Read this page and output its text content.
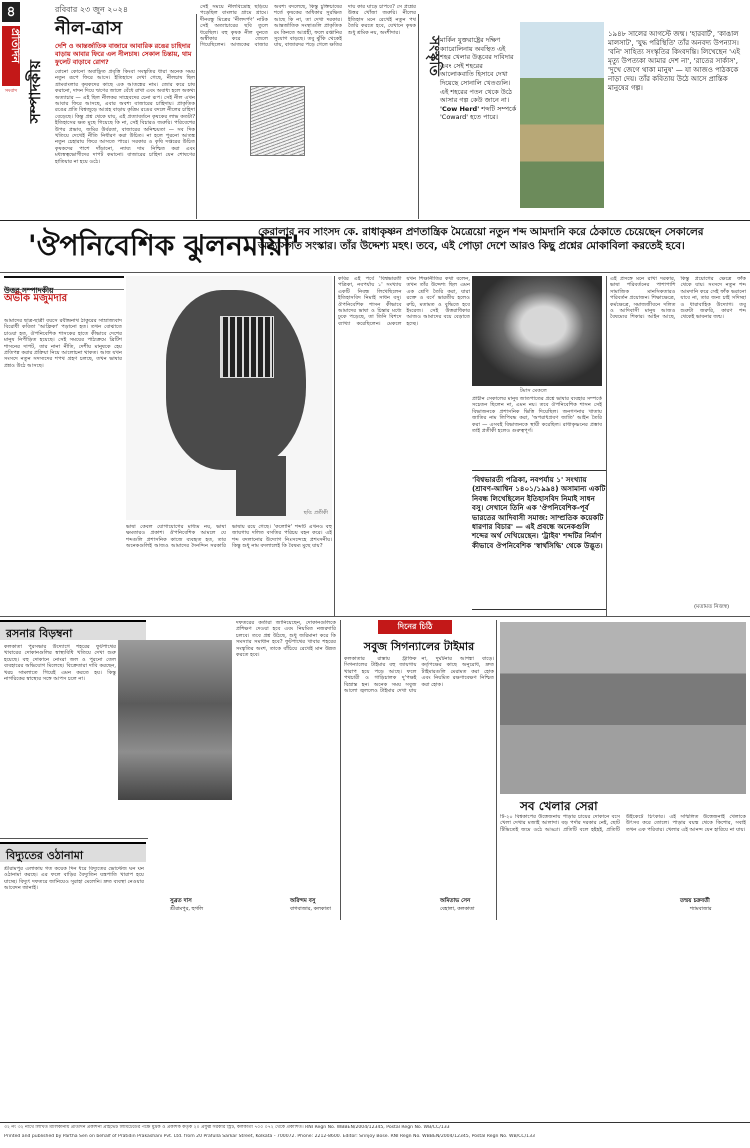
৪
প্রতিদিন
সংবাদ সম্পাদকীয়
রবিবার ২৩ জুন ২০২৪
নীল-ত্রাস
দেশি ও আন্তর্জাতিক বাজারে আবারিক রঙের চাহিদার বাড়ায় আবার ফিরে এল নীলচাষ। সেকাল চিন্তায়, থাম ফুলেট বাড়াবে রোগ?
বোনো কোনো অবাঞ্ছিত প্রবৃত্তি কিংবা সংস্কৃতির ধারা অনেক সময় নতুন রূপে ফিরে আসে। ইতিহাসে দেখা গেছে, নীলচাষ ছিল গ্রামবাংলার কৃষকদের কাছে এক আতঙ্কের নাম। জোর করে চাষ করানো, দাদন দিয়ে ঋণের জালে বেঁধে রাখা এবং অবাধ্য হলে অকথ্য অত্যাচার — এই ছিল নীলকর সাহেবদের চেনা রূপ। সেই নীল এখন আবার ফিরে আসছে, এবার অবশ্য বাজারের চাহিদায়। প্রাকৃতিক রঙের প্রতি বিশ্বজুড়ে আগ্রহ বাড়ায় কৃত্রিম রঙের বদলে নীলের চাহিদা বেড়েছে। কিন্তু প্রশ্ন থেকে যায়, এই প্রত্যাবর্তনে কৃষকের লাভ কতটা? ইতিহাসের ক্ষত মুছে গিয়েছে কি না, সেই বিচারও জরুরি। পরিবেশের উপর প্রভাব, জমির উর্বরতা, বাজারের অনিশ্চয়তা — সব দিক খতিয়ে দেখেই নীতি নির্ধারণ করা উচিত। না হলে পুরনো আতঙ্ক নতুন চেহারায় ফিরে আসতে পারে। সরকার ও কৃষি দপ্তরের উচিত কৃষকদের পাশে দাঁড়ানো, ন্যায্য দাম নিশ্চিত করা এবং মধ্যস্বত্বভোগীদের দাপট কমানো। বাজারের চাহিদা যেন শোষণের হাতিয়ার না হয়ে ওঠে।
সেই সময়ে নীলবিদ্রোহ ছড়িয়ে পড়েছিল বাংলার গ্রামে গ্রামে। দীনবন্ধু মিত্রের 'নীলদর্পণ' নাটক সেই অত্যাচারের ছবি তুলে ধরেছিল। বহু কৃষক নীল বুনতে অস্বীকার করে জেলে গিয়েছিলেন। আজকের বাজার অবশ্য বদলেছে, কিন্তু চুক্তিচাষের শর্তে কৃষকের অধিকার সুরক্ষিত আছে কি না, তা দেখা দরকার। আন্তর্জাতিক সংস্থাগুলি প্রাকৃতিক রং কিনতে আগ্রহী, ফলে রপ্তানির সুযোগ বাড়ছে। তবু ঝুঁকি থেকেই যায়, বাজারদর পড়ে গেলে ক্ষতির দায় কার ঘাড়ে চাপবে? সে প্রশ্নের উত্তর খোঁজা জরুরি। নীলের ইতিহাস মনে রেখেই নতুন পথ তৈরি করতে হবে, যেখানে কৃষক শুধু শ্রমিক নয়, অংশীদার।
সংস্কৃতি
মার্কিন যুক্তরাষ্ট্রের দক্ষিণ ক্যারোলিনায় অবস্থিত এই শহর খেলার উদ্ভবের দাবিদার এবং সেই শহরের আলোকবাতি হিসাবে দেখা দিয়েছে সোনালি খেতগুলি। এই শহরের পতন থেকে উঠে আসার গল্প কেউ জানে না।
'Cow Herd' শব্দটি সম্পর্কে 'Coward' হতে পারে।
১৯৪৮ সালের আগস্টে জন্ম। 'হারবার্ট', 'কাঙাল মালসাট', 'যুদ্ধ পরিস্থিতি' তাঁর অনবদ্য উপন্যাস। 'বনি' সাহিত্য সংস্কৃতির কিংবদন্তি। লিখেছেন 'এই মৃত্যু উপত্যকা আমার দেশ না', 'রাতের সার্কাস', 'দুখে জেগে থাকা মানুষ' — যা আজও পাঠককে নাড়া দেয়। তাঁর কবিতায় উঠে আসে প্রান্তিক মানুষের গল্প।
'ঔপনিবেশিক ঝুলনমায়া'
কেরালার নব সাংসদ কে. রাধাকৃষ্ণন প্রণতান্ত্রিক মৈত্রেয়ো নতুন শব্দ আমদানি করে ঠেকাতে চেয়েছেন সেকালের অভ্যাসগত সংস্কার। তাঁর উদ্দেশ্য মহৎ। তবে, এই পোড়া দেশে আরও কিছু প্রশ্নের মোকাবিলা করতেই হবে।
উত্তর সম্পাদকীয়
অভীক মজুমদার
আমাদের ছাত্র-ছাত্রী বয়সে রবীন্দ্রনাথ ঠাকুরের সাম্রাজ্যবাদ বিরোধী কবিতা 'আফ্রিকা' পড়ানো হত। তখন বোঝাতে চাওয়া হত, ঔপনিবেশিক শাসকের হাতে কীভাবে দেশের মানুষ নিপীড়িত হয়েছে। সেই সময়ের পাঠ্যক্রমে ব্রিটিশ শাসনের দাপট, তার নানা নীতি, দেশীয় মানুষকে হেয় প্রতিপন্ন করার প্রক্রিয়া নিয়ে আলোচনা থাকত। আজ যখন সংসদে নতুন সদস্যদের শপথ গ্রহণ চলছে, তখন ভাষার প্রশ্নও উঠে আসছে।
ছবি: প্রতীকী
ভাষা কেবল যোগাযোগের মাধ্যম নয়, ভাষা ক্ষমতারও প্রকাশ। ঔপনিবেশিক আমলে যে শব্দগুলি প্রশাসনিক কাজে ব্যবহৃত হত, তার অনেকগুলিই আজও আমাদের দৈনন্দিন সরকারি ভাষায় রয়ে গেছে। 'কলোনি' শব্দটি এখনও বহু জায়গায় দলিত বসতির পরিচয় বহন করে। এই শব্দ বদলানোর উদ্যোগ নিঃসন্দেহে প্রশংসনীয়। কিন্তু শুধু নাম বদলালেই কি বৈষম্য মুছে যায়?
কবির এই পর্বে 'বিশ্বভারতী পত্রিকা, নবপর্যায় ১' সংখ্যায় একটি নিবন্ধ লিখেছিলেন ইতিহাসবিদ নিমাই সাধন বসু। ঔপনিবেশিক শাসন কীভাবে আমাদের ভাষা ও চিন্তার মধ্যে ঢুকে পড়েছে, তা তিনি বিশদে ব্যাখ্যা করেছিলেন। মেকলে যখন শিক্ষানীতির কথা বলেন, তখন তাঁর উদ্দেশ্য ছিল এমন এক শ্রেণি তৈরি করা, যারা রক্তে ও বর্ণে ভারতীয় হলেও রুচি, মতামত ও বুদ্ধিতে হবে ইংরেজ। সেই উত্তরাধিকার আজও আমাদের বয়ে বেড়াতে হচ্ছে।
টমাস মেকলে
প্রাচীন সেকালের মানুষ জাতপাতের প্রশ্নে ভাষার ব্যবহার সম্পর্কে সচেতন ছিলেন না, এমন নয়। তবে ঔপনিবেশিক শাসন সেই বিভাজনকে প্রশাসনিক ভিত্তি দিয়েছিল। জনগণনার খাতায় জাতির নাম লিপিবদ্ধ করা, 'অপরাধপ্রবণ জাতি' আইন তৈরি করা — এসবই বিভাজনকে স্থায়ী করেছিল। রাধাকৃষ্ণনের প্রস্তাব তাই প্রতীকী হলেও গুরুত্বপূর্ণ।
'বিশ্বভারতী পত্রিকা, নবপর্যায় ১' সংখ্যায় (শ্রাবণ-আশ্বিন ১৪০১/১৯৯৪) অসামান্য একটি নিবন্ধ লিখেছিলেন ইতিহাসবিদ নিমাই সাধন বসু। সেখানে তিনি এক 'ঔপনিবেশিক-পূর্ব ভারতের আদিবাসী সমাজ: সাম্প্রতিক কয়েকটি ধারণার বিচার' — এই প্রবন্ধে অনেকগুলি শব্দের অর্থ দেখিয়েছেন। 'ট্রাইব' শব্দটির নির্মাণ কীভাবে ঔপনিবেশিক 'স্বার্থসিদ্ধি' থেকে উদ্ভূত।
এই প্রসঙ্গে মনে রাখা দরকার, ভাষা পরিবর্তনের পাশাপাশি সামাজিক মানসিকতারও পরিবর্তন প্রয়োজন। শিক্ষাক্ষেত্রে, কর্মক্ষেত্রে, সমাজজীবনে দলিত ও আদিবাসী মানুষ আজও বৈষম্যের শিকার। আইন আছে, কিন্তু প্রয়োগের ক্ষেত্রে ফাঁক থেকে যায়। সংসদে নতুন শব্দ আমদানি করে সেই ফাঁক ভরানো যাবে না, তার জন্য চাই সদিচ্ছা ও ধারাবাহিক উদ্যোগ। তবু শুরুটা জরুরি, কারণ শব্দ থেকেই ভাবনার জন্ম।
(মতামত নিজস্ব)
রসনার বিড়ম্বনা
কলকাতা পুরসভার উদ্যোগে শহরের ফুটপাথের খাবারের দোকানগুলির স্বাস্থ্যবিধি খতিয়ে দেখা শুরু হয়েছে। বহু দোকানে নোংরা জল ও পুরনো তেল ব্যবহারের অভিযোগ মিলেছে। বিক্রেতারা দাবি করছেন, খরচ সামলাতে গিয়েই এমন করতে হয়। কিন্তু নাগরিকের স্বাস্থ্যের সঙ্গে আপস চলে না।
দফতরের কর্তারা জানিয়েছেন, দোকানগুলিকে প্রশিক্ষণ দেওয়া হবে এবং নিয়মিত নজরদারি চলবে। তবে প্রশ্ন উঠছে, শুধু জরিমানা করে কি সমস্যার সমাধান হবে? ফুটপাথের খাবার শহরের সংস্কৃতির অংশ, তাকে বাঁচিয়ে রেখেই মান উন্নত করতে হবে।
অরিন্দম বসু
বাগবাজার, কলকাতা
দিনের চিঠি
সবুজ সিগন্যালের টাইমার
কলকাতার রাস্তায় ট্রাফিক সিগন্যালের টাইমার বহু জায়গায় খারাপ হয়ে পড়ে আছে। ফলে পথচারী ও গাড়িচালক দু'পক্ষই বিভ্রান্ত হন। অনেক সময় সবুজ আলো জ্বললেও টাইমার দেখা যায় না, দুর্ঘটনার আশঙ্কা বাড়ে। কর্তৃপক্ষের কাছে অনুরোধ, দ্রুত টাইমারগুলি মেরামত করা হোক এবং নিয়মিত রক্ষণাবেক্ষণ নিশ্চিত করা হোক।
অমিতাভ সেন
বেহালা, কলকাতা
সব খেলার সেরা
টি-২০ বিশ্বকাপের উত্তেজনায় পাড়ার চায়ের দোকানে বসে খেলা দেখার মজাই আলাদা। বড় পর্দার দরকার নেই, ছোট টিভিতেই জমে ওঠে আড্ডা। প্রতিটি বলে হইহই, প্রতিটি উইকেটে চিৎকার। এই সম্মিলিত উত্তেজনাই খেলাকে উৎসব করে তোলে। পাড়ার বয়স্ক থেকে কিশোর, সবাই তখন এক পরিবার। খেলার এই আনন্দ যেন হারিয়ে না যায়।
তন্ময় চক্রবর্তী
শ্যামবাজার
বিদ্যুতের ওঠানামা
শ্রীরামপুর এলাকায় গত কয়েক দিন ধরে বিদ্যুতের ভোল্টেজ ঘন ঘন ওঠানামা করছে। এর ফলে বাড়ির বৈদ্যুতিন যন্ত্রপাতি খারাপ হয়ে যাচ্ছে। বিদ্যুৎ দফতরে জানিয়েও সুরাহা মেলেনি। দ্রুত ব্যবস্থা নেওয়ার আবেদন জানাই।
সুব্রত দাস
শ্রীরামপুর, হুগলি
৩২ নং ৩২ নাথে লিখিত মালিকানায় প্রতিদিন প্রকাশনা প্রাইভেট লিমিটেডের পক্ষে মুদ্রক ও প্রকাশক কর্তৃক ২০ প্রফুল্ল সরকার স্ট্রিট, কলকাতা ৭০০ ০৭২ থেকে প্রকাশিত। RNI Regn No. WBBEN/2004/12345, Postal Regn No. WB/CC/133
Printed and published by Partha Sen on behalf of Pratidin Prakashani Pvt. Ltd. from 20 Prafulla Sarkar Street, Kolkata - 700072. Phone: 2212-8600. Editor: Srinjoy Bose. RNI Regn No. WBBEN/2004/12345, Postal Regn No. WB/CC/133
